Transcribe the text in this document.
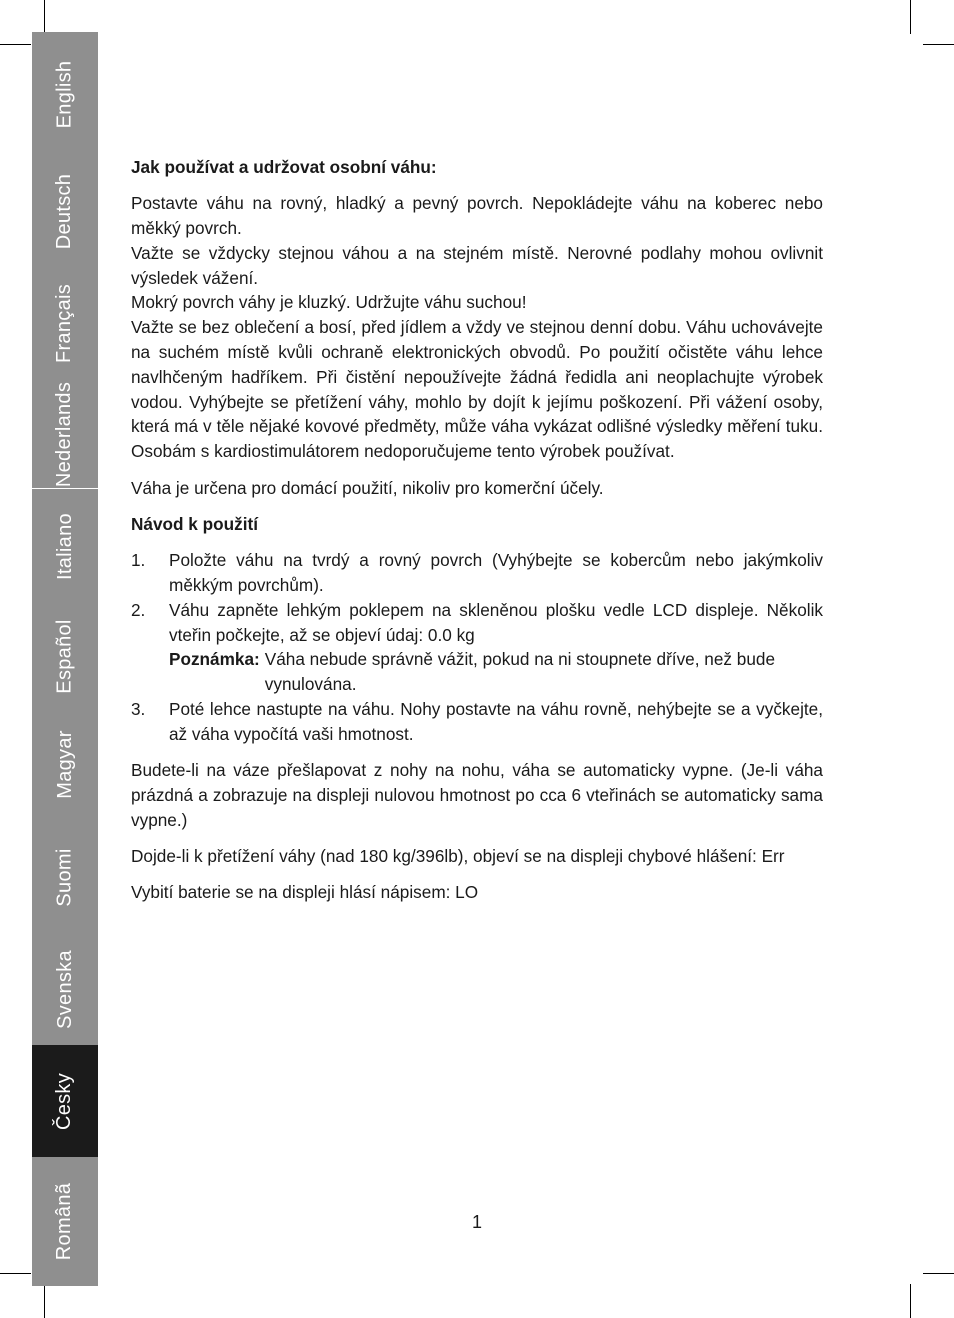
English
Deutsch
Français
Nederlands
Italiano
Español
Magyar
Suomi
Svenska
Česky
Românã
Jak používat a udržovat osobní váhu:

Postavte váhu na rovný, hladký a pevný povrch. Nepokládejte váhu na koberec nebo měkký povrch.
Važte se vždycky stejnou váhou a na stejném místě. Nerovné podlahy mohou ovlivnit výsledek vážení.
Mokrý povrch váhy je kluzký. Udržujte váhu suchou!
Važte se bez oblečení a bosí, před jídlem a vždy ve stejnou denní dobu. Váhu uchovávejte na suchém místě kvůli ochraně elektronických obvodů. Po použití očistěte váhu lehce navlhčeným hadříkem. Při čistění nepoužívejte žádná ředidla ani neoplachujte výrobek vodou. Vyhýbejte se přetížení váhy, mohlo by dojít k jejímu poškození. Při vážení osoby, která má v těle nějaké kovové předměty, může váha vykázat odlišné výsledky měření tuku. Osobám s kardiostimulátorem nedoporučujeme tento výrobek používat.

Váha je určena pro domácí použití, nikoliv pro komerční účely.

Návod k použití
1. Položte váhu na tvrdý a rovný povrch (Vyhýbejte se kobercům nebo jakýmkoliv měkkým povrchům).
2. Váhu zapněte lehkým poklepem na skleněnou plošku vedle LCD displeje. Několik vteřin počkejte, až se objeví údaj: 0.0 kg
Poznámka: Váha nebude správně vážit, pokud na ni stoupnete dříve, než bude vynulována.
3. Poté lehce nastupte na váhu. Nohy postavte na váhu rovně, nehýbejte se a vyčkejte, až váha vypočítá vaši hmotnost.

Budete-li na váze přešlapovat z nohy na nohu, váha se automaticky vypne. (Je-li váha prázdná a zobrazuje na displeji nulovou hmotnost po cca 6 vteřinách se automaticky sama vypne.)

Dojde-li k přetížení váhy (nad 180 kg/396lb), objeví se na displeji chybové hlášení: Err

Vybití baterie se na displeji hlásí nápisem: LO

1
